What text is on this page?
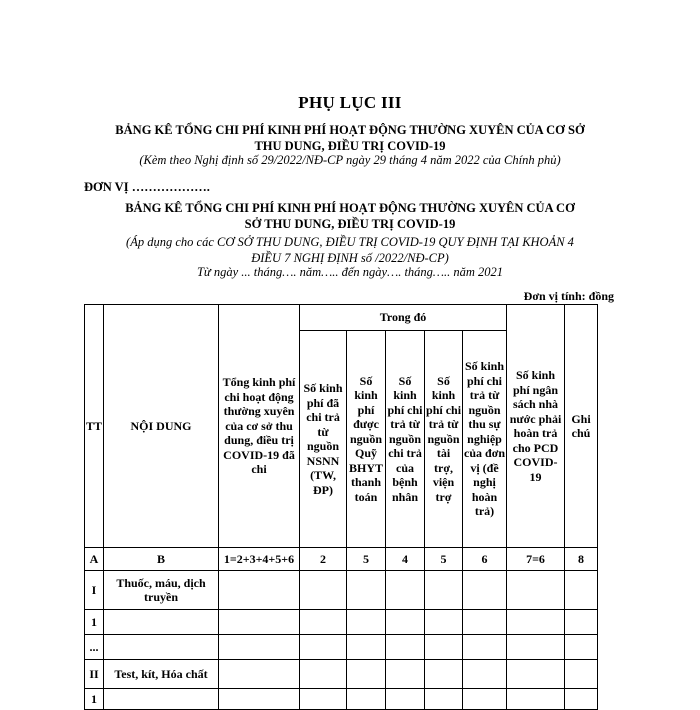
PHỤ LỤC III
BẢNG KÊ TỔNG CHI PHÍ KINH PHÍ HOẠT ĐỘNG THƯỜNG XUYÊN CỦA CƠ SỞ
THU DUNG, ĐIỀU TRỊ COVID-19
(Kèm theo Nghị định số 29/2022/NĐ-CP ngày 29 tháng 4 năm 2022 của Chính phủ)
ĐƠN VỊ ……………….
BẢNG KÊ TỔNG CHI PHÍ KINH PHÍ HOẠT ĐỘNG THƯỜNG XUYÊN CỦA CƠ
SỞ THU DUNG, ĐIỀU TRỊ COVID-19
(Áp dụng cho các CƠ SỞ THU DUNG, ĐIỀU TRỊ COVID-19 QUY ĐỊNH TẠI KHOẢN 4
ĐIỀU 7 NGHỊ ĐỊNH số /2022/NĐ-CP)
Từ ngày ... tháng…. năm….. đến ngày…. tháng….. năm 2021
Đơn vị tính: đồng
TT	NỘI DUNG	Tổng kinh phí chi hoạt động thường xuyên của cơ sở thu dung, điều trị COVID-19 đã chi	Trong đó					Số kinh phí ngân sách nhà nước phải hoàn trả cho PCD COVID-19	Ghi chú
			Số kinh phí đã chi trả từ nguồn NSNN (TW, ĐP)	Số kinh phí được nguồn Quỹ BHYT thanh toán	Số kinh phí chi trả từ nguồn chi trả của bệnh nhân	Số kinh phí chi trả từ nguồn tài trợ, viện trợ	Số kinh phí chi trả từ nguồn thu sự nghiệp của đơn vị (đề nghị hoàn trả)		
A	B	1=2+3+4+5+6	2	5	4	5	6	7=6	8
I	Thuốc, máu, dịch truyền								
1									
...									
II	Test, kít, Hóa chất								
1									
